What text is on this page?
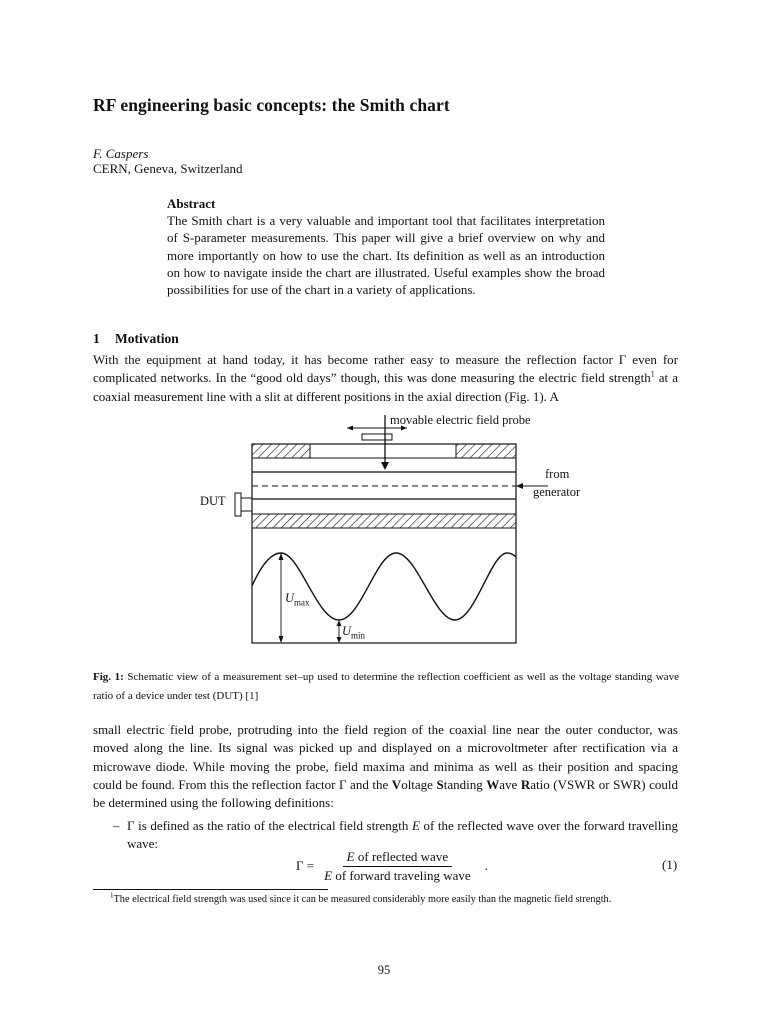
RF engineering basic concepts: the Smith chart
F. Caspers
CERN, Geneva, Switzerland
Abstract
The Smith chart is a very valuable and important tool that facilitates interpretation of S-parameter measurements. This paper will give a brief overview on why and more importantly on how to use the chart. Its definition as well as an introduction on how to navigate inside the chart are illustrated. Useful examples show the broad possibilities for use of the chart in a variety of applications.
1 Motivation

With the equipment at hand today, it has become rather easy to measure the reflection factor Γ even for complicated networks. In the “good old days” though, this was done measuring the electric field strength$^1$ at a coaxial measurement line with a slit at different positions in the axial direction (Fig. 1). A

movable electric field probe
from
generator
DUT
$U_{max}$
$U_{min}$

Fig. 1: Schematic view of a measurement set–up used to determine the reflection coefficient as well as the voltage standing wave ratio of a device under test (DUT) [1]

small electric field probe, protruding into the field region of the coaxial line near the outer conductor, was moved along the line. Its signal was picked up and displayed on a microvoltmeter after rectification via a microwave diode. While moving the probe, field maxima and minima as well as their position and spacing could be found. From this the reflection factor Γ and the Voltage Standing Wave Ratio (VSWR or SWR) could be determined using the following definitions:

– Γ is defined as the ratio of the electrical field strength E of the reflected wave over the forward travelling wave:
$\Gamma = \frac{\text{E of reflected wave}}{\text{E of forward traveling wave}}$ .	(1)
$^1$The electrical field strength was used since it can be measured considerably more easily than the magnetic field strength.
95
